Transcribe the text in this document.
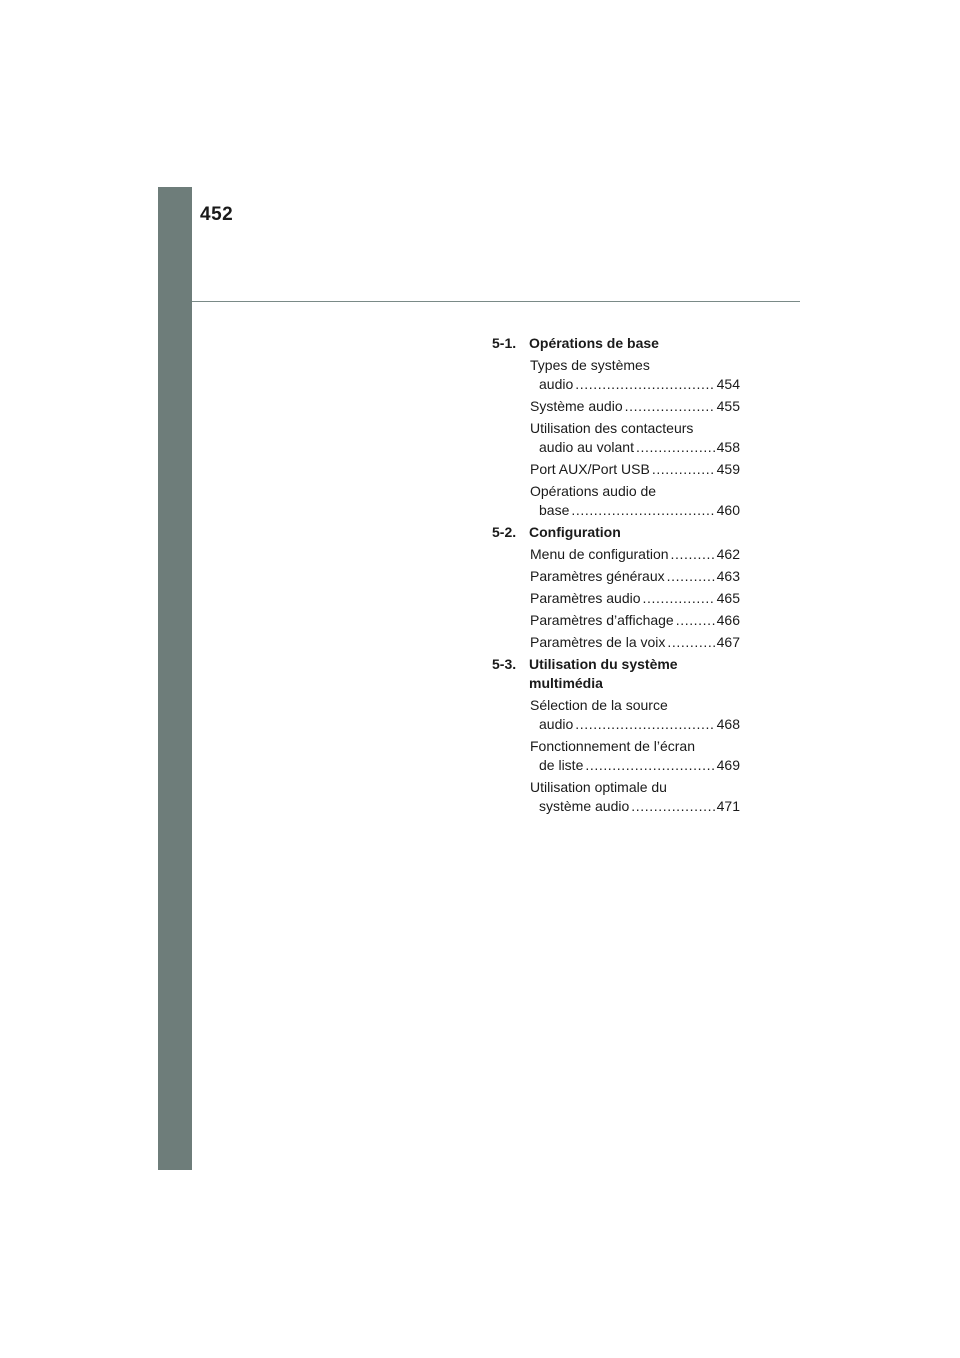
452
5-1. Opérations de base
Types de systèmes
audio .....	454
Système audio .....	455
Utilisation des contacteurs
audio au volant .....	458
Port AUX/Port USB .....	459
Opérations audio de
base .....	460
5-2. Configuration
Menu de configuration .....	462
Paramètres généraux .....	463
Paramètres audio .....	465
Paramètres d’affichage .....	466
Paramètres de la voix .....	467
5-3. Utilisation du système multimédia
Sélection de la source
audio .....	468
Fonctionnement de l’écran
de liste .....	469
Utilisation optimale du
système audio .....	471
